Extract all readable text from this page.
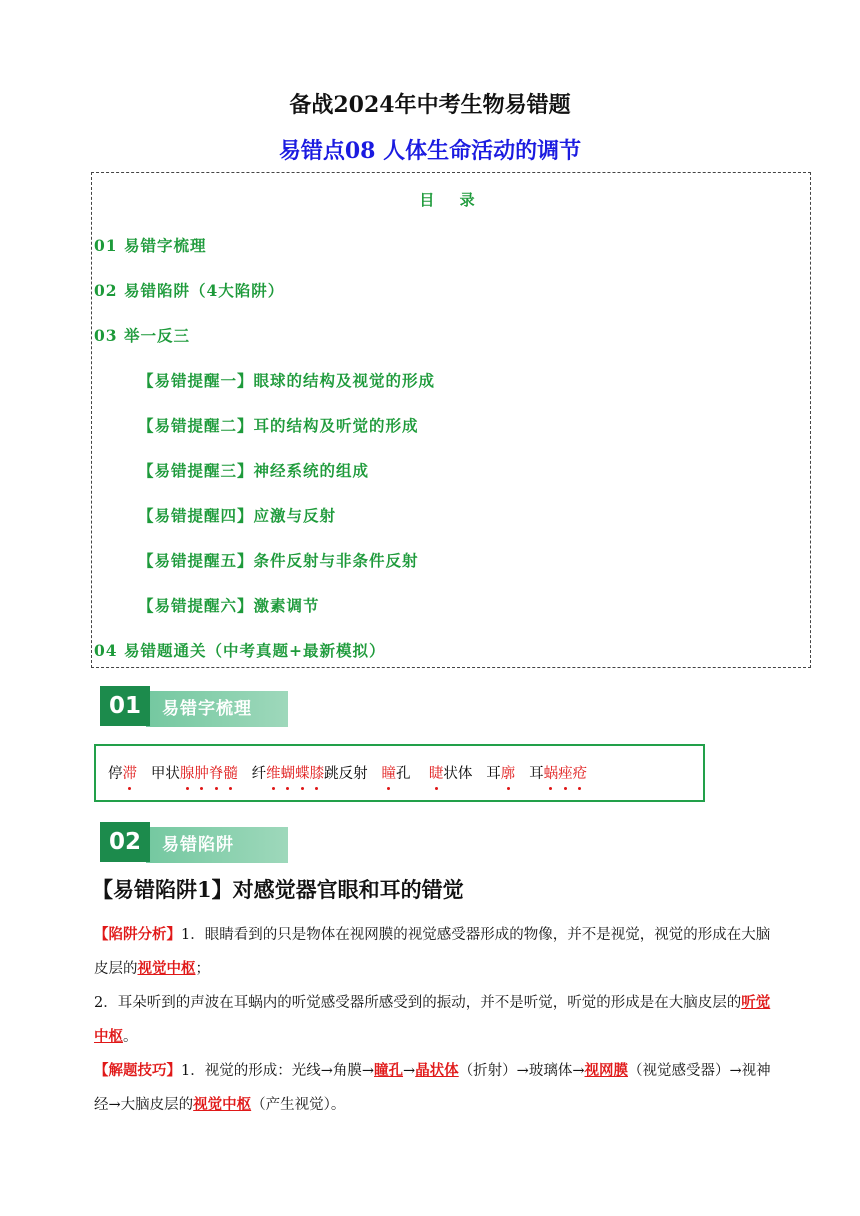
备战2024年中考生物易错题
易错点08 人体生命活动的调节
目 录
01 易错字梳理
02 易错陷阱（4大陷阱）
03 举一反三
【易错提醒一】眼球的结构及视觉的形成
【易错提醒二】耳的结构及听觉的形成
【易错提醒三】神经系统的组成
【易错提醒四】应激与反射
【易错提醒五】条件反射与非条件反射
【易错提醒六】激素调节
04 易错题通关（中考真题+最新模拟）
易错字梳理
01
停滞 甲状腺肿脊髓 纤维蝴蝶膝跳反射 瞳孔 睫状体 耳廓 耳蜗痤疮
易错陷阱
02
【易错陷阱1】对感觉器官眼和耳的错觉
【陷阱分析】1．眼睛看到的只是物体在视网膜的视觉感受器形成的物像，并不是视觉，视觉的形成在大脑皮层的视觉中枢；
2．耳朵听到的声波在耳蜗内的听觉感受器所感受到的振动，并不是听觉，听觉的形成是在大脑皮层的听觉中枢。
【解题技巧】1．视觉的形成：光线→角膜→瞳孔→晶状体（折射）→玻璃体→视网膜（视觉感受器）→视神经→大脑皮层的视觉中枢（产生视觉）。
